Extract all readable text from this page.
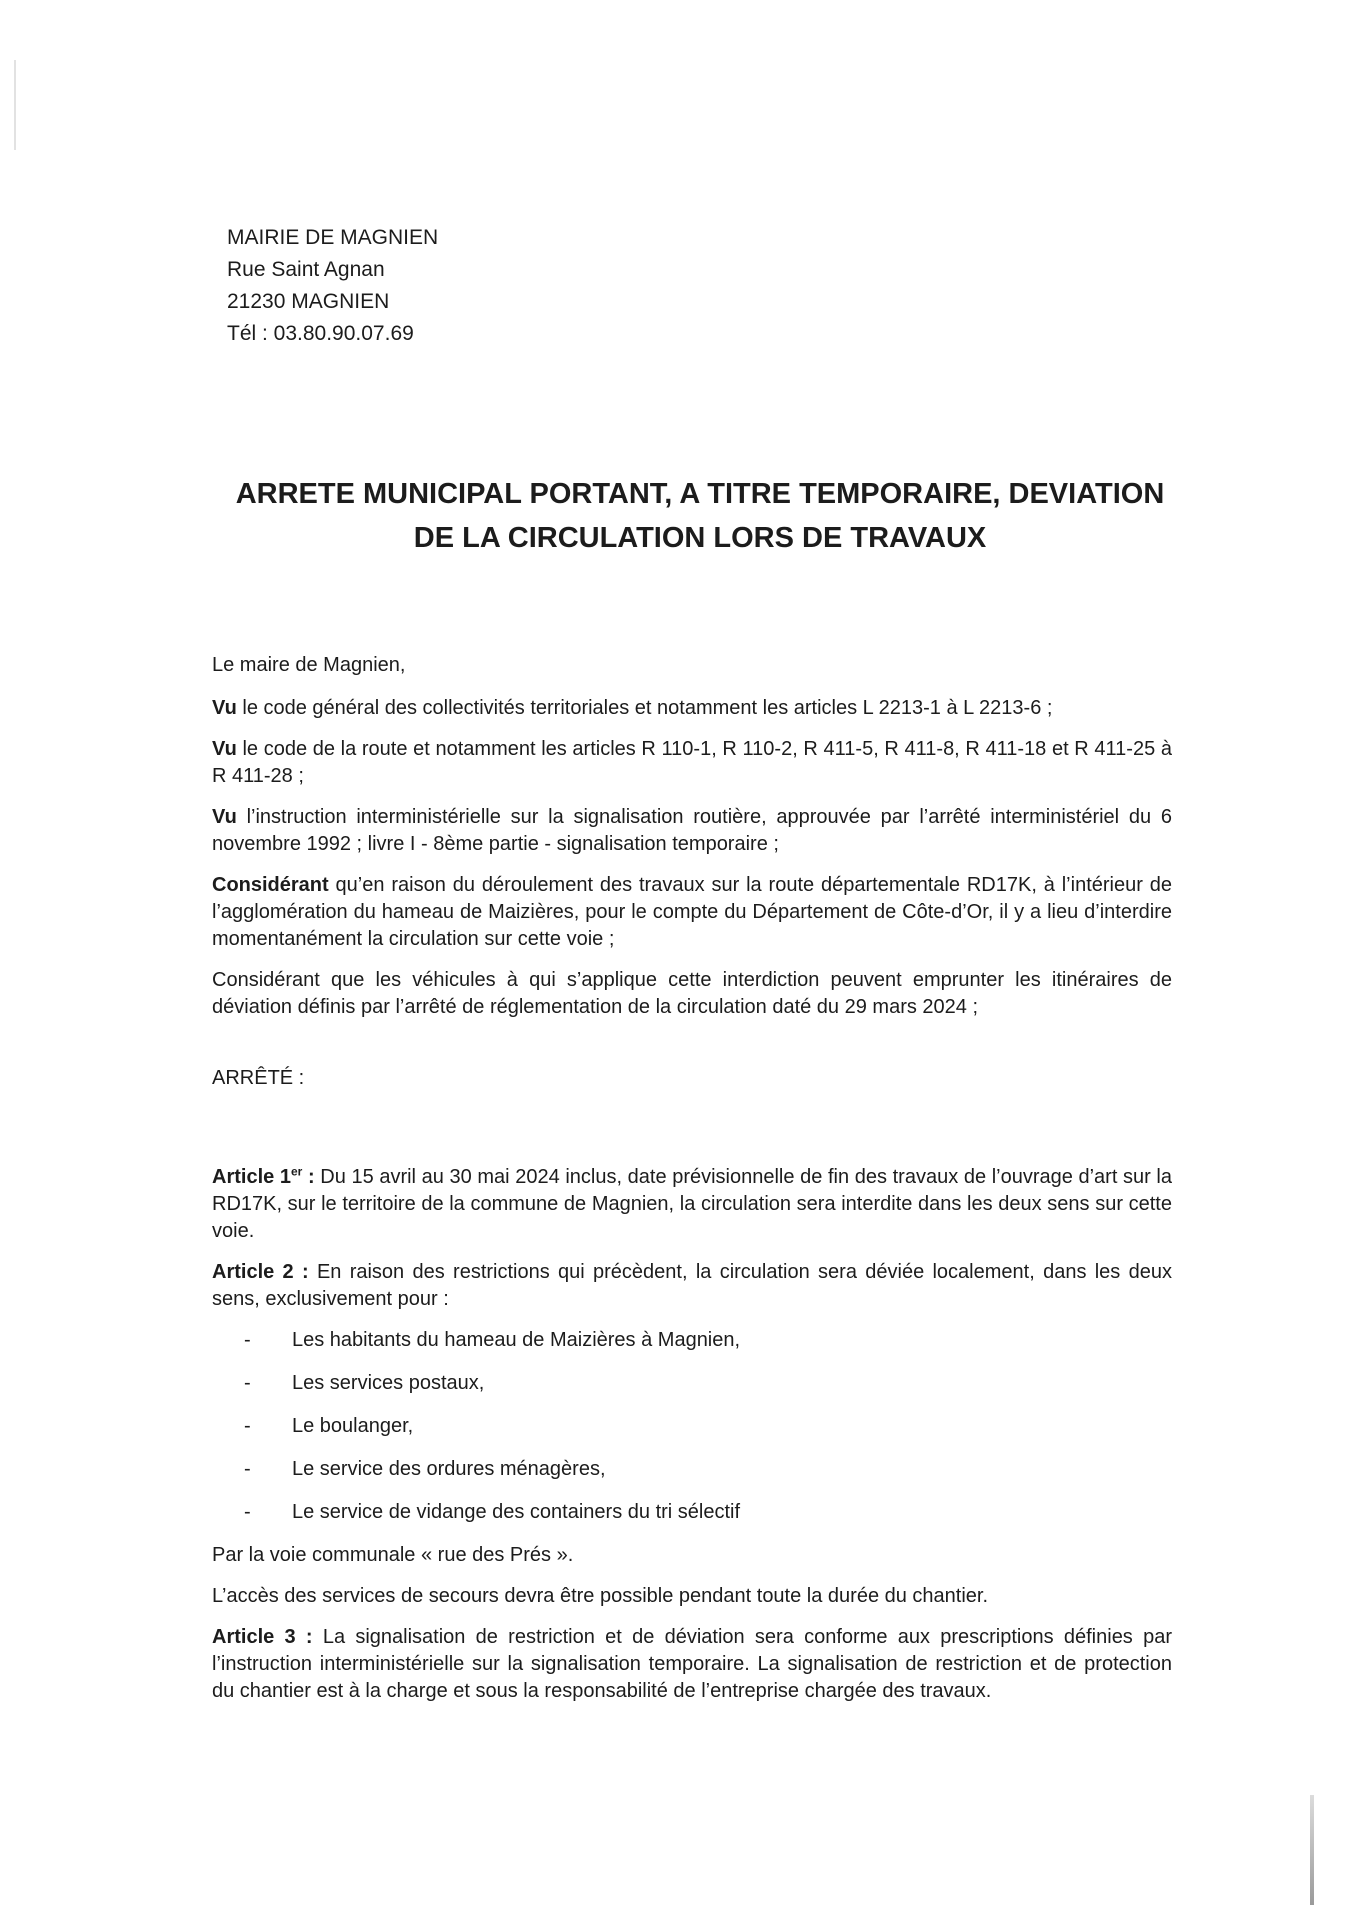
MAIRIE DE MAGNIEN
Rue Saint Agnan
21230 MAGNIEN
Tél : 03.80.90.07.69
ARRETE MUNICIPAL PORTANT, A TITRE TEMPORAIRE, DEVIATION
DE LA CIRCULATION LORS DE TRAVAUX

Le maire de Magnien,

Vu le code général des collectivités territoriales et notamment les articles L 2213-1 à L 2213-6 ;

Vu le code de la route et notamment les articles R 110-1, R 110-2, R 411-5, R 411-8, R 411-18 et R 411-25 à R 411-28 ;

Vu l’instruction interministérielle sur la signalisation routière, approuvée par l’arrêté interministériel du 6 novembre 1992 ; livre I - 8ème partie - signalisation temporaire ;

Considérant qu’en raison du déroulement des travaux sur la route départementale RD17K, à l’intérieur de l’agglomération du hameau de Maizières, pour le compte du Département de Côte-d’Or, il y a lieu d’interdire momentanément la circulation sur cette voie ;

Considérant que les véhicules à qui s’applique cette interdiction peuvent emprunter les itinéraires de déviation définis par l’arrêté de réglementation de la circulation daté du 29 mars 2024 ;

ARRÊTÉ :

Article 1er : Du 15 avril au 30 mai 2024 inclus, date prévisionnelle de fin des travaux de l’ouvrage d’art sur la RD17K, sur le territoire de la commune de Magnien, la circulation sera interdite dans les deux sens sur cette voie.

Article 2 : En raison des restrictions qui précèdent, la circulation sera déviée localement, dans les deux sens, exclusivement pour :

-	Les habitants du hameau de Maizières à Magnien,
-	Les services postaux,
-	Le boulanger,
-	Le service des ordures ménagères,
-	Le service de vidange des containers du tri sélectif

Par la voie communale « rue des Prés ».

L’accès des services de secours devra être possible pendant toute la durée du chantier.

Article 3 : La signalisation de restriction et de déviation sera conforme aux prescriptions définies par l’instruction interministérielle sur la signalisation temporaire. La signalisation de restriction et de protection du chantier est à la charge et sous la responsabilité de l’entreprise chargée des travaux.
